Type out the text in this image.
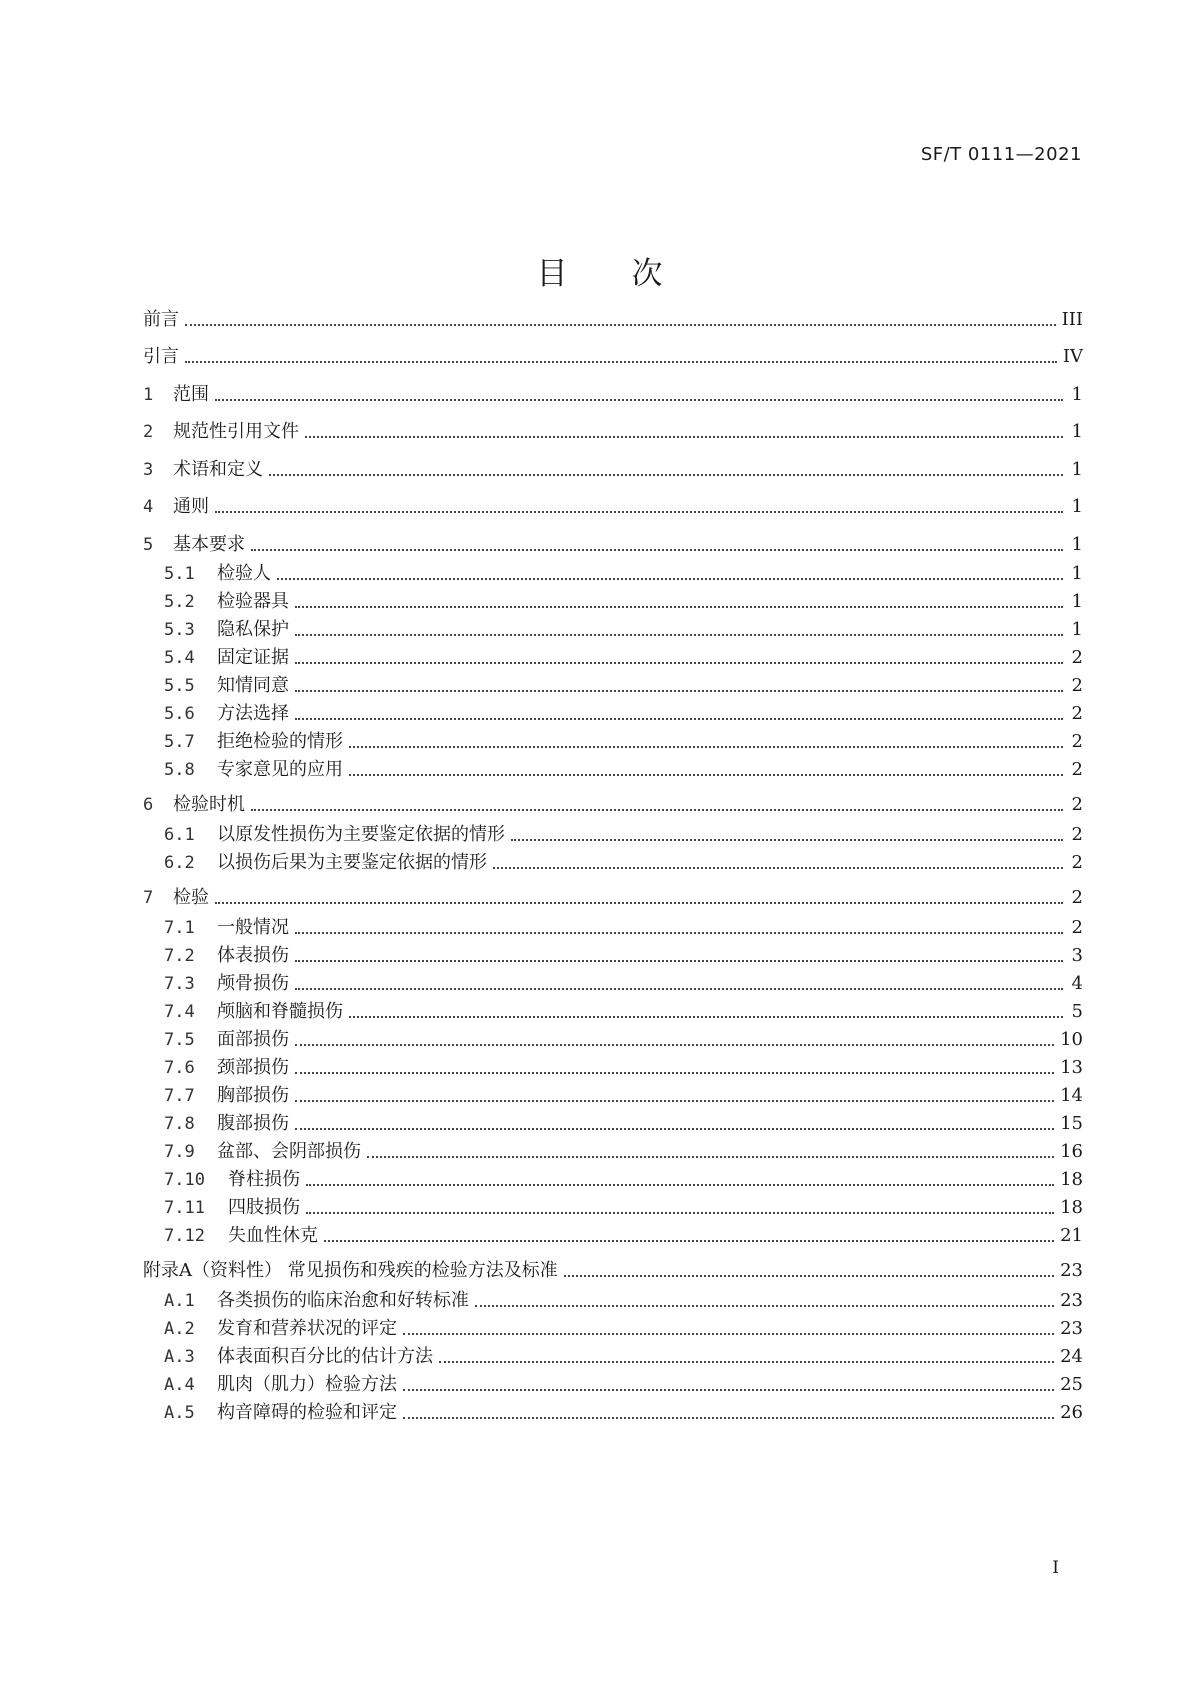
SF/T 0111—2021
目 次
前言	III
引言	IV
1	范围	1
2	规范性引用文件	1
3	术语和定义	1
4	通则	1
5	基本要求	1
5.1	检验人	1
5.2	检验器具	1
5.3	隐私保护	1
5.4	固定证据	2
5.5	知情同意	2
5.6	方法选择	2
5.7	拒绝检验的情形	2
5.8	专家意见的应用	2
6	检验时机	2
6.1	以原发性损伤为主要鉴定依据的情形	2
6.2	以损伤后果为主要鉴定依据的情形	2
7	检验	2
7.1	一般情况	2
7.2	体表损伤	3
7.3	颅骨损伤	4
7.4	颅脑和脊髓损伤	5
7.5	面部损伤	10
7.6	颈部损伤	13
7.7	胸部损伤	14
7.8	腹部损伤	15
7.9	盆部、会阴部损伤	16
7.10	脊柱损伤	18
7.11	四肢损伤	18
7.12	失血性休克	21
附录A（资料性） 常见损伤和残疾的检验方法及标准	23
A.1	各类损伤的临床治愈和好转标准	23
A.2	发育和营养状况的评定	23
A.3	体表面积百分比的估计方法	24
A.4	肌肉（肌力）检验方法	25
A.5	构音障碍的检验和评定	26
I
